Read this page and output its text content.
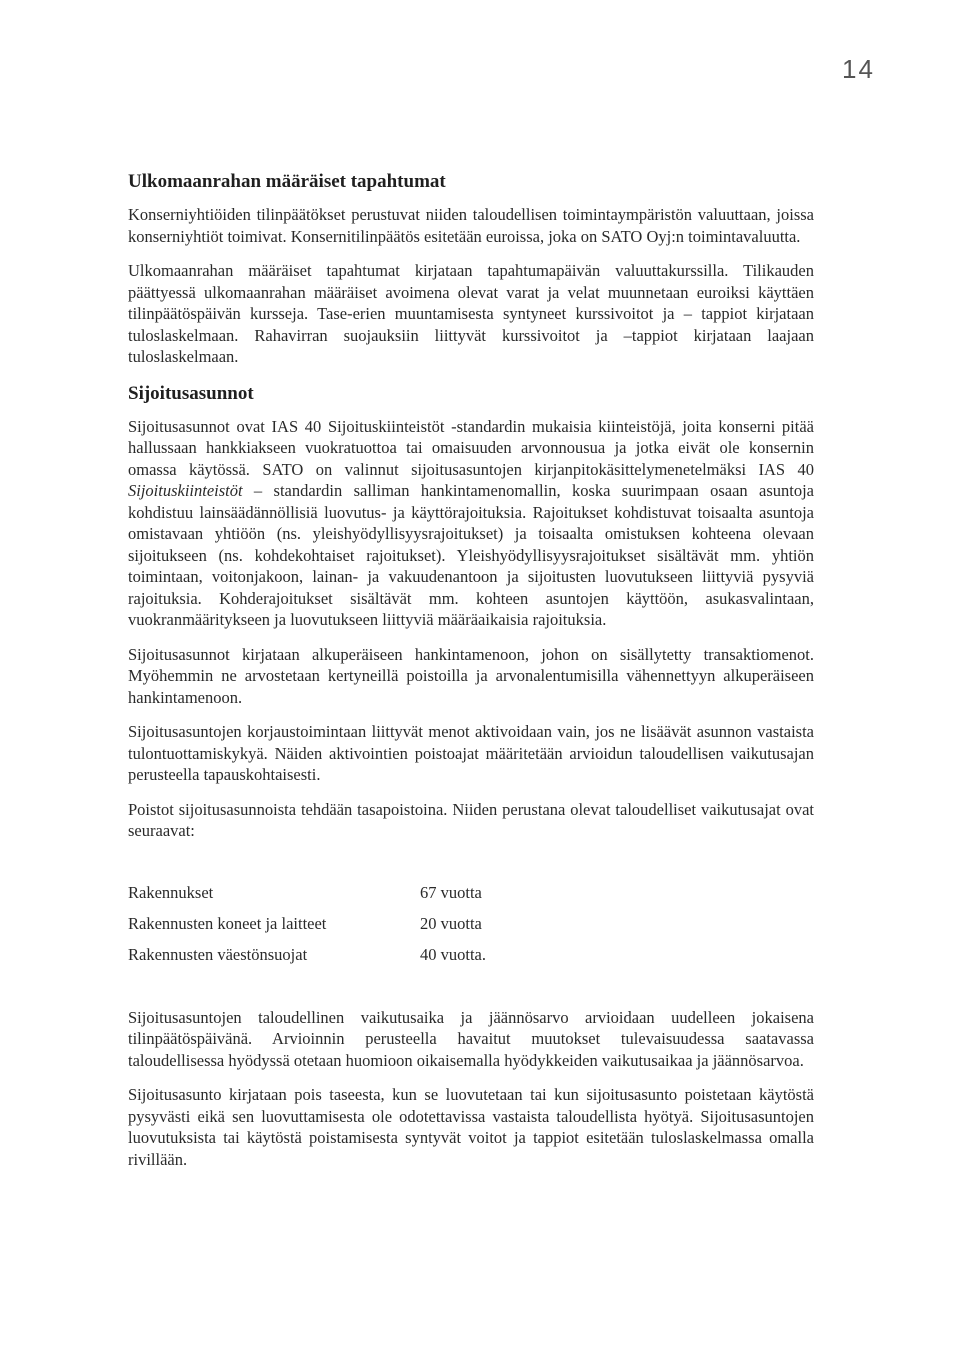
14
Ulkomaanrahan määräiset tapahtumat

Konserniyhtiöiden tilinpäätökset perustuvat niiden taloudellisen toimintaympäristön valuuttaan, joissa konserniyhtiöt toimivat. Konsernitilinpäätös esitetään euroissa, joka on SATO Oyj:n toimintavaluutta.

Ulkomaanrahan määräiset tapahtumat kirjataan tapahtumapäivän valuuttakurssilla. Tilikauden päättyessä ulkomaanrahan määräiset avoimena olevat varat ja velat muunnetaan euroiksi käyttäen tilinpäätöspäivän kursseja. Tase-erien muuntamisesta syntyneet kurssivoitot ja – tappiot kirjataan tuloslaskelmaan. Rahavirran suojauksiin liittyvät kurssivoitot ja –tappiot kirjataan laajaan tuloslaskelmaan.

Sijoitusasunnot

Sijoitusasunnot ovat IAS 40 Sijoituskiinteistöt -standardin mukaisia kiinteistöjä, joita konserni pitää hallussaan hankkiakseen vuokratuottoa tai omaisuuden arvonnousua ja jotka eivät ole konsernin omassa käytössä. SATO on valinnut sijoitusasuntojen kirjanpitokäsittelymenetelmäksi IAS 40 Sijoituskiinteistöt – standardin salliman hankintamenomallin, koska suurimpaan osaan asuntoja kohdistuu lainsäädännöllisiä luovutus- ja käyttörajoituksia. Rajoitukset kohdistuvat toisaalta asuntoja omistavaan yhtiöön (ns. yleishyödyllisyysrajoitukset) ja toisaalta omistuksen kohteena olevaan sijoitukseen (ns. kohdekohtaiset rajoitukset). Yleishyödyllisyysrajoitukset sisältävät mm. yhtiön toimintaan, voitonjakoon, lainan- ja vakuudenantoon ja sijoitusten luovutukseen liittyviä pysyviä rajoituksia. Kohderajoitukset sisältävät mm. kohteen asuntojen käyttöön, asukasvalintaan, vuokranmääritykseen ja luovutukseen liittyviä määräaikaisia rajoituksia.

Sijoitusasunnot kirjataan alkuperäiseen hankintamenoon, johon on sisällytetty transaktiomenot. Myöhemmin ne arvostetaan kertyneillä poistoilla ja arvonalentumisilla vähennettyyn alkuperäiseen hankintamenoon.

Sijoitusasuntojen korjaustoimintaan liittyvät menot aktivoidaan vain, jos ne lisäävät asunnon vastaista tulontuottamiskykyä. Näiden aktivointien poistoajat määritetään arvioidun taloudellisen vaikutusajan perusteella tapauskohtaisesti.

Poistot sijoitusasunnoista tehdään tasapoistoina. Niiden perustana olevat taloudelliset vaikutusajat ovat seuraavat:

Rakennukset	67 vuotta
Rakennusten koneet ja laitteet	20 vuotta
Rakennusten väestönsuojat	40 vuotta.

Sijoitusasuntojen taloudellinen vaikutusaika ja jäännösarvo arvioidaan uudelleen jokaisena tilinpäätöspäivänä. Arvioinnin perusteella havaitut muutokset tulevaisuudessa saatavassa taloudellisessa hyödyssä otetaan huomioon oikaisemalla hyödykkeiden vaikutusaikaa ja jäännösarvoa.

Sijoitusasunto kirjataan pois taseesta, kun se luovutetaan tai kun sijoitusasunto poistetaan käytöstä pysyvästi eikä sen luovuttamisesta ole odotettavissa vastaista taloudellista hyötyä. Sijoitusasuntojen luovutuksista tai käytöstä poistamisesta syntyvät voitot ja tappiot esitetään tuloslaskelmassa omalla rivillään.
